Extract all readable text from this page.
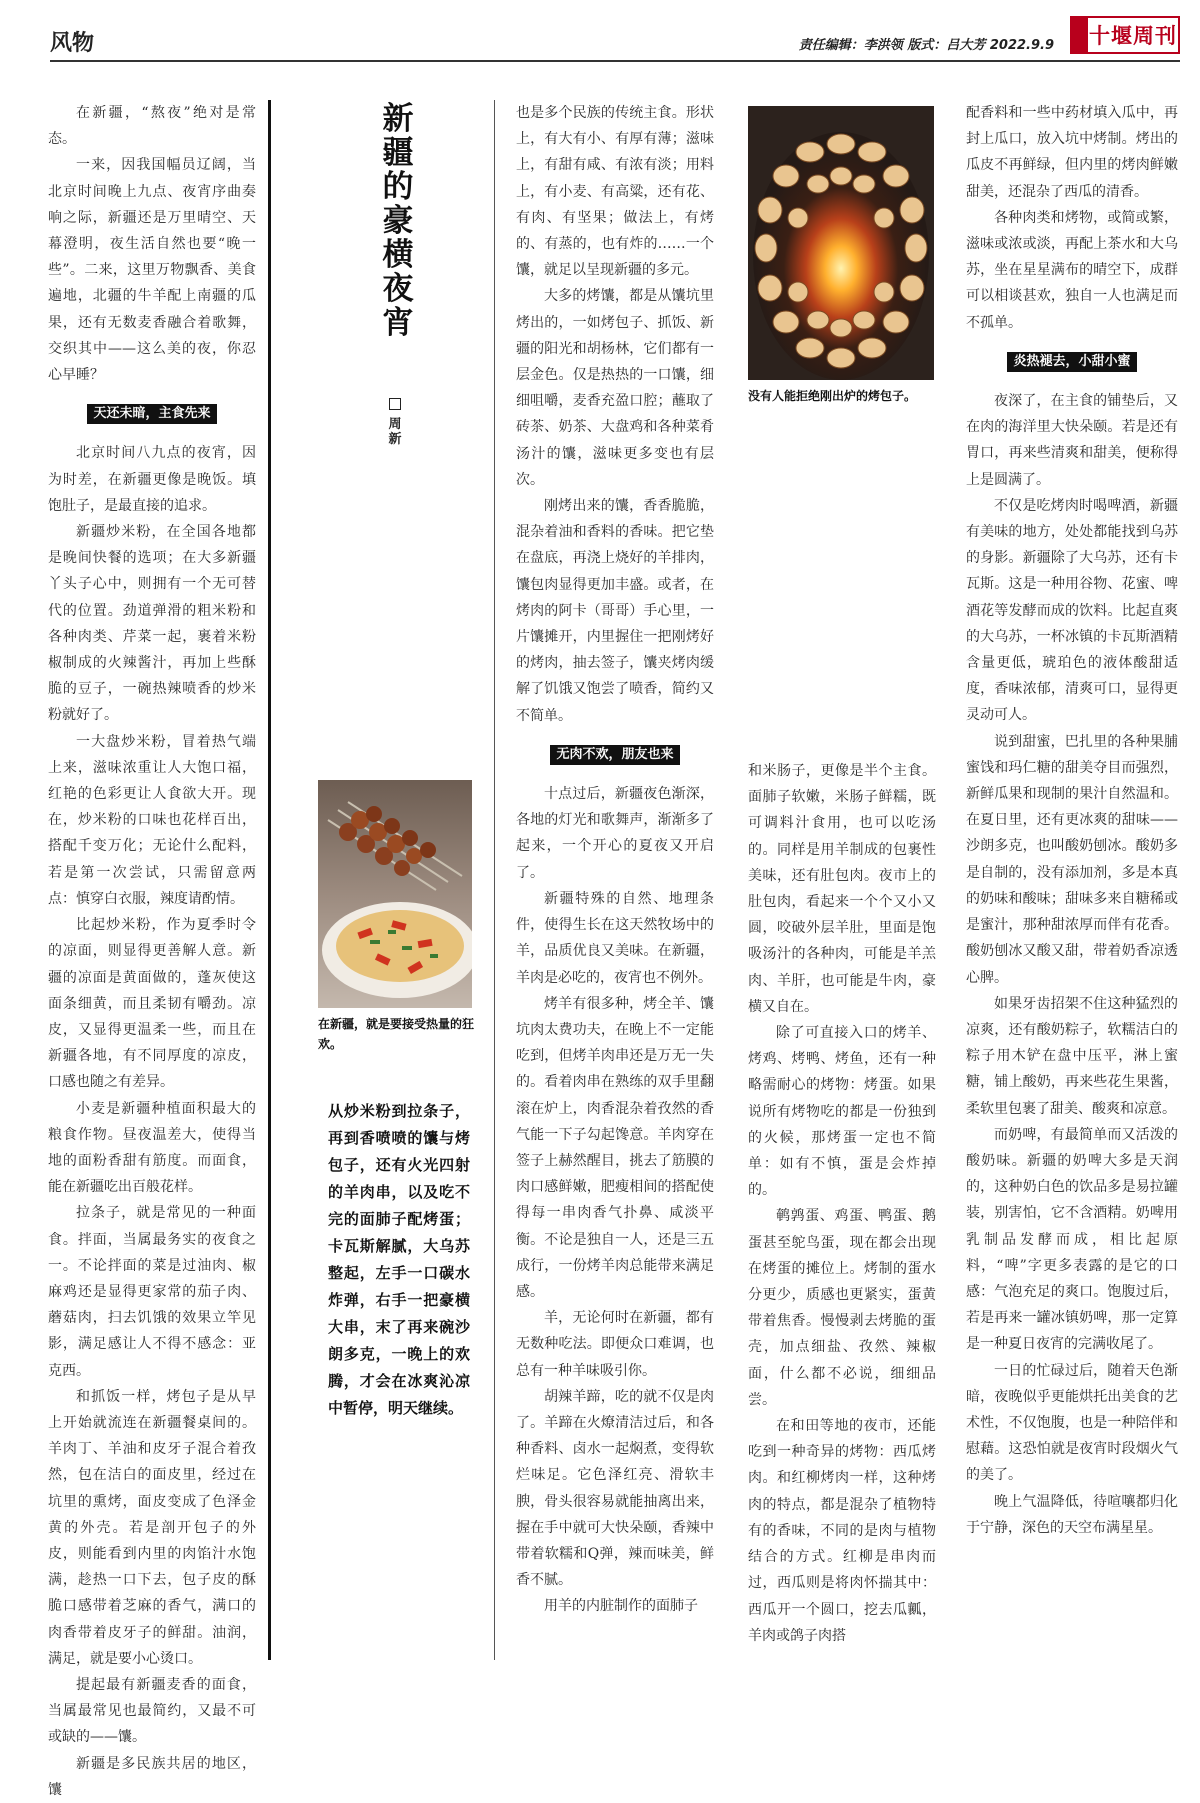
风物	责任编辑：李洪领 版式：吕大芳 2022.9.9 十堰周刊

在新疆，“熬夜”绝对是常态。

一来，因我国幅员辽阔，当北京时间晚上九点、夜宵序曲奏响之际，新疆还是万里晴空、天幕澄明，夜生活自然也要“晚一些”。二来，这里万物飘香、美食遍地，北疆的牛羊配上南疆的瓜果，还有无数麦香融合着歌舞，交织其中——这么美的夜，你忍心早睡？

天还未暗，主食先来

北京时间八九点的夜宵，因为时差，在新疆更像是晚饭。填饱肚子，是最直接的追求。

新疆炒米粉，在全国各地都是晚间快餐的选项；在大多新疆丫头子心中，则拥有一个无可替代的位置。劲道弹滑的粗米粉和各种肉类、芹菜一起，裹着米粉椒制成的火辣酱汁，再加上些酥脆的豆子，一碗热辣喷香的炒米粉就好了。

一大盘炒米粉，冒着热气端上来，滋味浓重让人大饱口福，红艳的色彩更让人食欲大开。现在，炒米粉的口味也花样百出，搭配千变万化；无论什么配料，若是第一次尝试，只需留意两点：慎穿白衣服，辣度请酌情。

比起炒米粉，作为夏季时令的凉面，则显得更善解人意。新疆的凉面是黄面做的，蓬灰使这面条细黄，而且柔韧有嚼劲。凉皮，又显得更温柔一些，而且在新疆各地，有不同厚度的凉皮，口感也随之有差异。

小麦是新疆种植面积最大的粮食作物。昼夜温差大，使得当地的面粉香甜有筋度。而面食，能在新疆吃出百般花样。

拉条子，就是常见的一种面食。拌面，当属最务实的夜食之一。不论拌面的菜是过油肉、椒麻鸡还是显得更家常的茄子肉、蘑菇肉，扫去饥饿的效果立竿见影，满足感让人不得不感念：亚克西。

和抓饭一样，烤包子是从早上开始就流连在新疆餐桌间的。羊肉丁、羊油和皮牙子混合着孜然，包在洁白的面皮里，经过在坑里的熏烤，面皮变成了色泽金黄的外壳。若是剖开包子的外皮，则能看到内里的肉馅汁水饱满，趁热一口下去，包子皮的酥脆口感带着芝麻的香气，满口的肉香带着皮牙子的鲜甜。油润，满足，就是要小心烫口。

提起最有新疆麦香的面食，当属最常见也最简约，又最不可或缺的——馕。

新疆是多民族共居的地区，馕

新疆的豪横夜宵
周新
在新疆，就是要接受热量的狂欢。
从炒米粉到拉条子，再到香喷喷的馕与烤包子，还有火光四射的羊肉串，以及吃不完的面肺子配烤蛋；卡瓦斯解腻，大乌苏整起，左手一口碳水炸弹，右手一把豪横大串，末了再来碗沙朗多克，一晚上的欢腾，才会在冰爽沁凉中暂停，明天继续。

也是多个民族的传统主食。形状上，有大有小、有厚有薄；滋味上，有甜有咸、有浓有淡；用料上，有小麦、有高粱，还有花、有肉、有坚果；做法上，有烤的、有蒸的，也有炸的……一个馕，就足以呈现新疆的多元。

大多的烤馕，都是从馕坑里烤出的，一如烤包子、抓饭、新疆的阳光和胡杨林，它们都有一层金色。仅是热热的一口馕，细细咀嚼，麦香充盈口腔；蘸取了砖茶、奶茶、大盘鸡和各种菜肴汤汁的馕，滋味更多变也有层次。

刚烤出来的馕，香香脆脆，混杂着油和香料的香味。把它垫在盘底，再浇上烧好的羊排肉，馕包肉显得更加丰盛。或者，在烤肉的阿卡（哥哥）手心里，一片馕摊开，内里握住一把刚烤好的烤肉，抽去签子，馕夹烤肉缓解了饥饿又饱尝了喷香，简约又不简单。

无肉不欢，朋友也来

十点过后，新疆夜色渐深，各地的灯光和歌舞声，渐渐多了起来，一个开心的夏夜又开启了。

新疆特殊的自然、地理条件，使得生长在这天然牧场中的羊，品质优良又美味。在新疆，羊肉是必吃的，夜宵也不例外。

烤羊有很多种，烤全羊、馕坑肉太费功夫，在晚上不一定能吃到，但烤羊肉串还是万无一失的。看着肉串在熟练的双手里翻滚在炉上，肉香混杂着孜然的香气能一下子勾起馋意。羊肉穿在签子上赫然醒目，挑去了筋膜的肉口感鲜嫩，肥瘦相间的搭配使得每一串肉香气扑鼻、咸淡平衡。不论是独自一人，还是三五成行，一份烤羊肉总能带来满足感。

羊，无论何时在新疆，都有无数种吃法。即便众口难调，也总有一种羊味吸引你。

胡辣羊蹄，吃的就不仅是肉了。羊蹄在火燎清洁过后，和各种香料、卤水一起焖煮，变得软烂味足。它色泽红亮、滑软丰腴，骨头很容易就能抽离出来，握在手中就可大快朵颐，香辣中带着软糯和Q弹，辣而味美，鲜香不腻。

用羊的内脏制作的面肺子

没有人能拒绝刚出炉的烤包子。

和米肠子，更像是半个主食。面肺子软嫩，米肠子鲜糯，既可调料汁食用，也可以吃汤的。同样是用羊制成的包裹性美味，还有肚包肉。夜市上的肚包肉，看起来一个个又小又圆，咬破外层羊肚，里面是饱吸汤汁的各种肉，可能是羊羔肉、羊肝，也可能是牛肉，豪横又自在。

除了可直接入口的烤羊、烤鸡、烤鸭、烤鱼，还有一种略需耐心的烤物：烤蛋。如果说所有烤物吃的都是一份独到的火候，那烤蛋一定也不简单：如有不慎，蛋是会炸掉的。

鹌鹑蛋、鸡蛋、鸭蛋、鹅蛋甚至鸵鸟蛋，现在都会出现在烤蛋的摊位上。烤制的蛋水分更少，质感也更紧实，蛋黄带着焦香。慢慢剥去烤脆的蛋壳，加点细盐、孜然、辣椒面，什么都不必说，细细品尝。

在和田等地的夜市，还能吃到一种奇异的烤物：西瓜烤肉。和红柳烤肉一样，这种烤肉的特点，都是混杂了植物特有的香味，不同的是肉与植物结合的方式。红柳是串肉而过，西瓜则是将肉怀揣其中：西瓜开一个圆口，挖去瓜瓤，羊肉或鸽子肉搭

配香料和一些中药材填入瓜中，再封上瓜口，放入坑中烤制。烤出的瓜皮不再鲜绿，但内里的烤肉鲜嫩甜美，还混杂了西瓜的清香。

各种肉类和烤物，或简或繁，滋味或浓或淡，再配上茶水和大乌苏，坐在星星满布的晴空下，成群可以相谈甚欢，独自一人也满足而不孤单。

炎热褪去，小甜小蜜

夜深了，在主食的铺垫后，又在肉的海洋里大快朵颐。若是还有胃口，再来些清爽和甜美，便称得上是圆满了。

不仅是吃烤肉时喝啤酒，新疆有美味的地方，处处都能找到乌苏的身影。新疆除了大乌苏，还有卡瓦斯。这是一种用谷物、花蜜、啤酒花等发酵而成的饮料。比起直爽的大乌苏，一杯冰镇的卡瓦斯酒精含量更低，琥珀色的液体酸甜适度，香味浓郁，清爽可口，显得更灵动可人。

说到甜蜜，巴扎里的各种果脯蜜饯和玛仁糖的甜美夺目而强烈，新鲜瓜果和现制的果汁自然温和。在夏日里，还有更冰爽的甜味——沙朗多克，也叫酸奶刨冰。酸奶多是自制的，没有添加剂，多是本真的奶味和酸味；甜味多来自糖稀或是蜜汁，那种甜浓厚而伴有花香。酸奶刨冰又酸又甜，带着奶香凉透心脾。

如果牙齿招架不住这种猛烈的凉爽，还有酸奶粽子，软糯洁白的粽子用木铲在盘中压平，淋上蜜糖，铺上酸奶，再来些花生果酱，柔软里包裹了甜美、酸爽和凉意。

而奶啤，有最简单而又活泼的酸奶味。新疆的奶啤大多是天润的，这种奶白色的饮品多是易拉罐装，别害怕，它不含酒精。奶啤用乳制品发酵而成，相比起原料，“啤”字更多表露的是它的口感：气泡充足的爽口。饱腹过后，若是再来一罐冰镇奶啤，那一定算是一种夏日夜宵的完满收尾了。

一日的忙碌过后，随着天色渐暗，夜晚似乎更能烘托出美食的艺术性，不仅饱腹，也是一种陪伴和慰藉。这恐怕就是夜宵时段烟火气的美了。

晚上气温降低，待喧嚷都归化于宁静，深色的天空布满星星。
